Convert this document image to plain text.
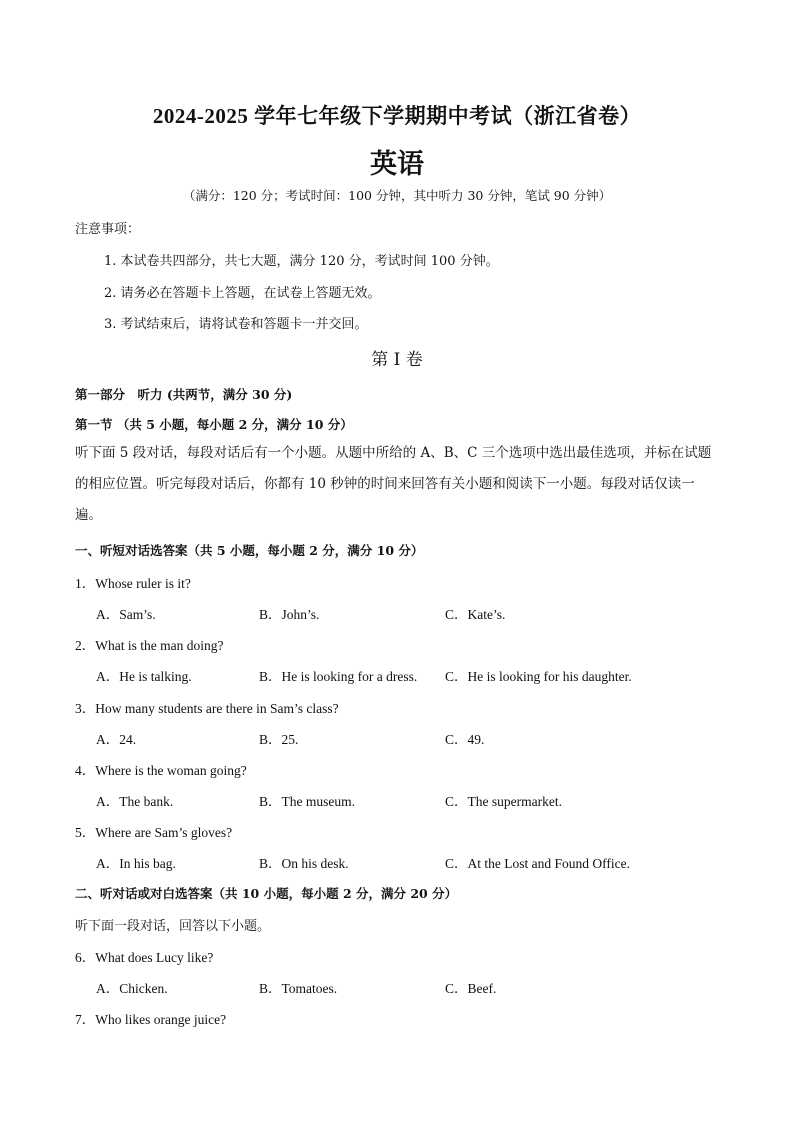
2024-2025 学年七年级下学期期中考试（浙江省卷）
英语
（满分：120 分；考试时间：100 分钟，其中听力 30 分钟，笔试 90 分钟）
注意事项：
1. 本试卷共四部分，共七大题，满分 120 分，考试时间 100 分钟。
2. 请务必在答题卡上答题，在试卷上答题无效。
3. 考试结束后，请将试卷和答题卡一并交回。
第 I 卷
第一部分　听力 (共两节，满分 30 分)
第一节 （共 5 小题，每小题 2 分，满分 10 分）
听下面 5 段对话，每段对话后有一个小题。从题中所给的 A、B、C 三个选项中选出最佳选项，并标在试题的相应位置。听完每段对话后，你都有 10 秒钟的时间来回答有关小题和阅读下一小题。每段对话仅读一遍。
一、听短对话选答案（共 5 小题，每小题 2 分，满分 10 分）
1．Whose ruler is it?
A．Sam’s.	B．John’s.	C．Kate’s.
2．What is the man doing?
A．He is talking.	B．He is looking for a dress. C．He is looking for his daughter.
3．How many students are there in Sam’s class?
A．24.	B．25.	C．49.
4．Where is the woman going?
A．The bank.	B．The museum.	C．The supermarket.
5．Where are Sam’s gloves?
A．In his bag.	B．On his desk.	C．At the Lost and Found Office.
二、听对话或对白选答案（共 10 小题，每小题 2 分，满分 20 分）
听下面一段对话，回答以下小题。
6．What does Lucy like?
A．Chicken.	B．Tomatoes.	C．Beef.
7．Who likes orange juice?
